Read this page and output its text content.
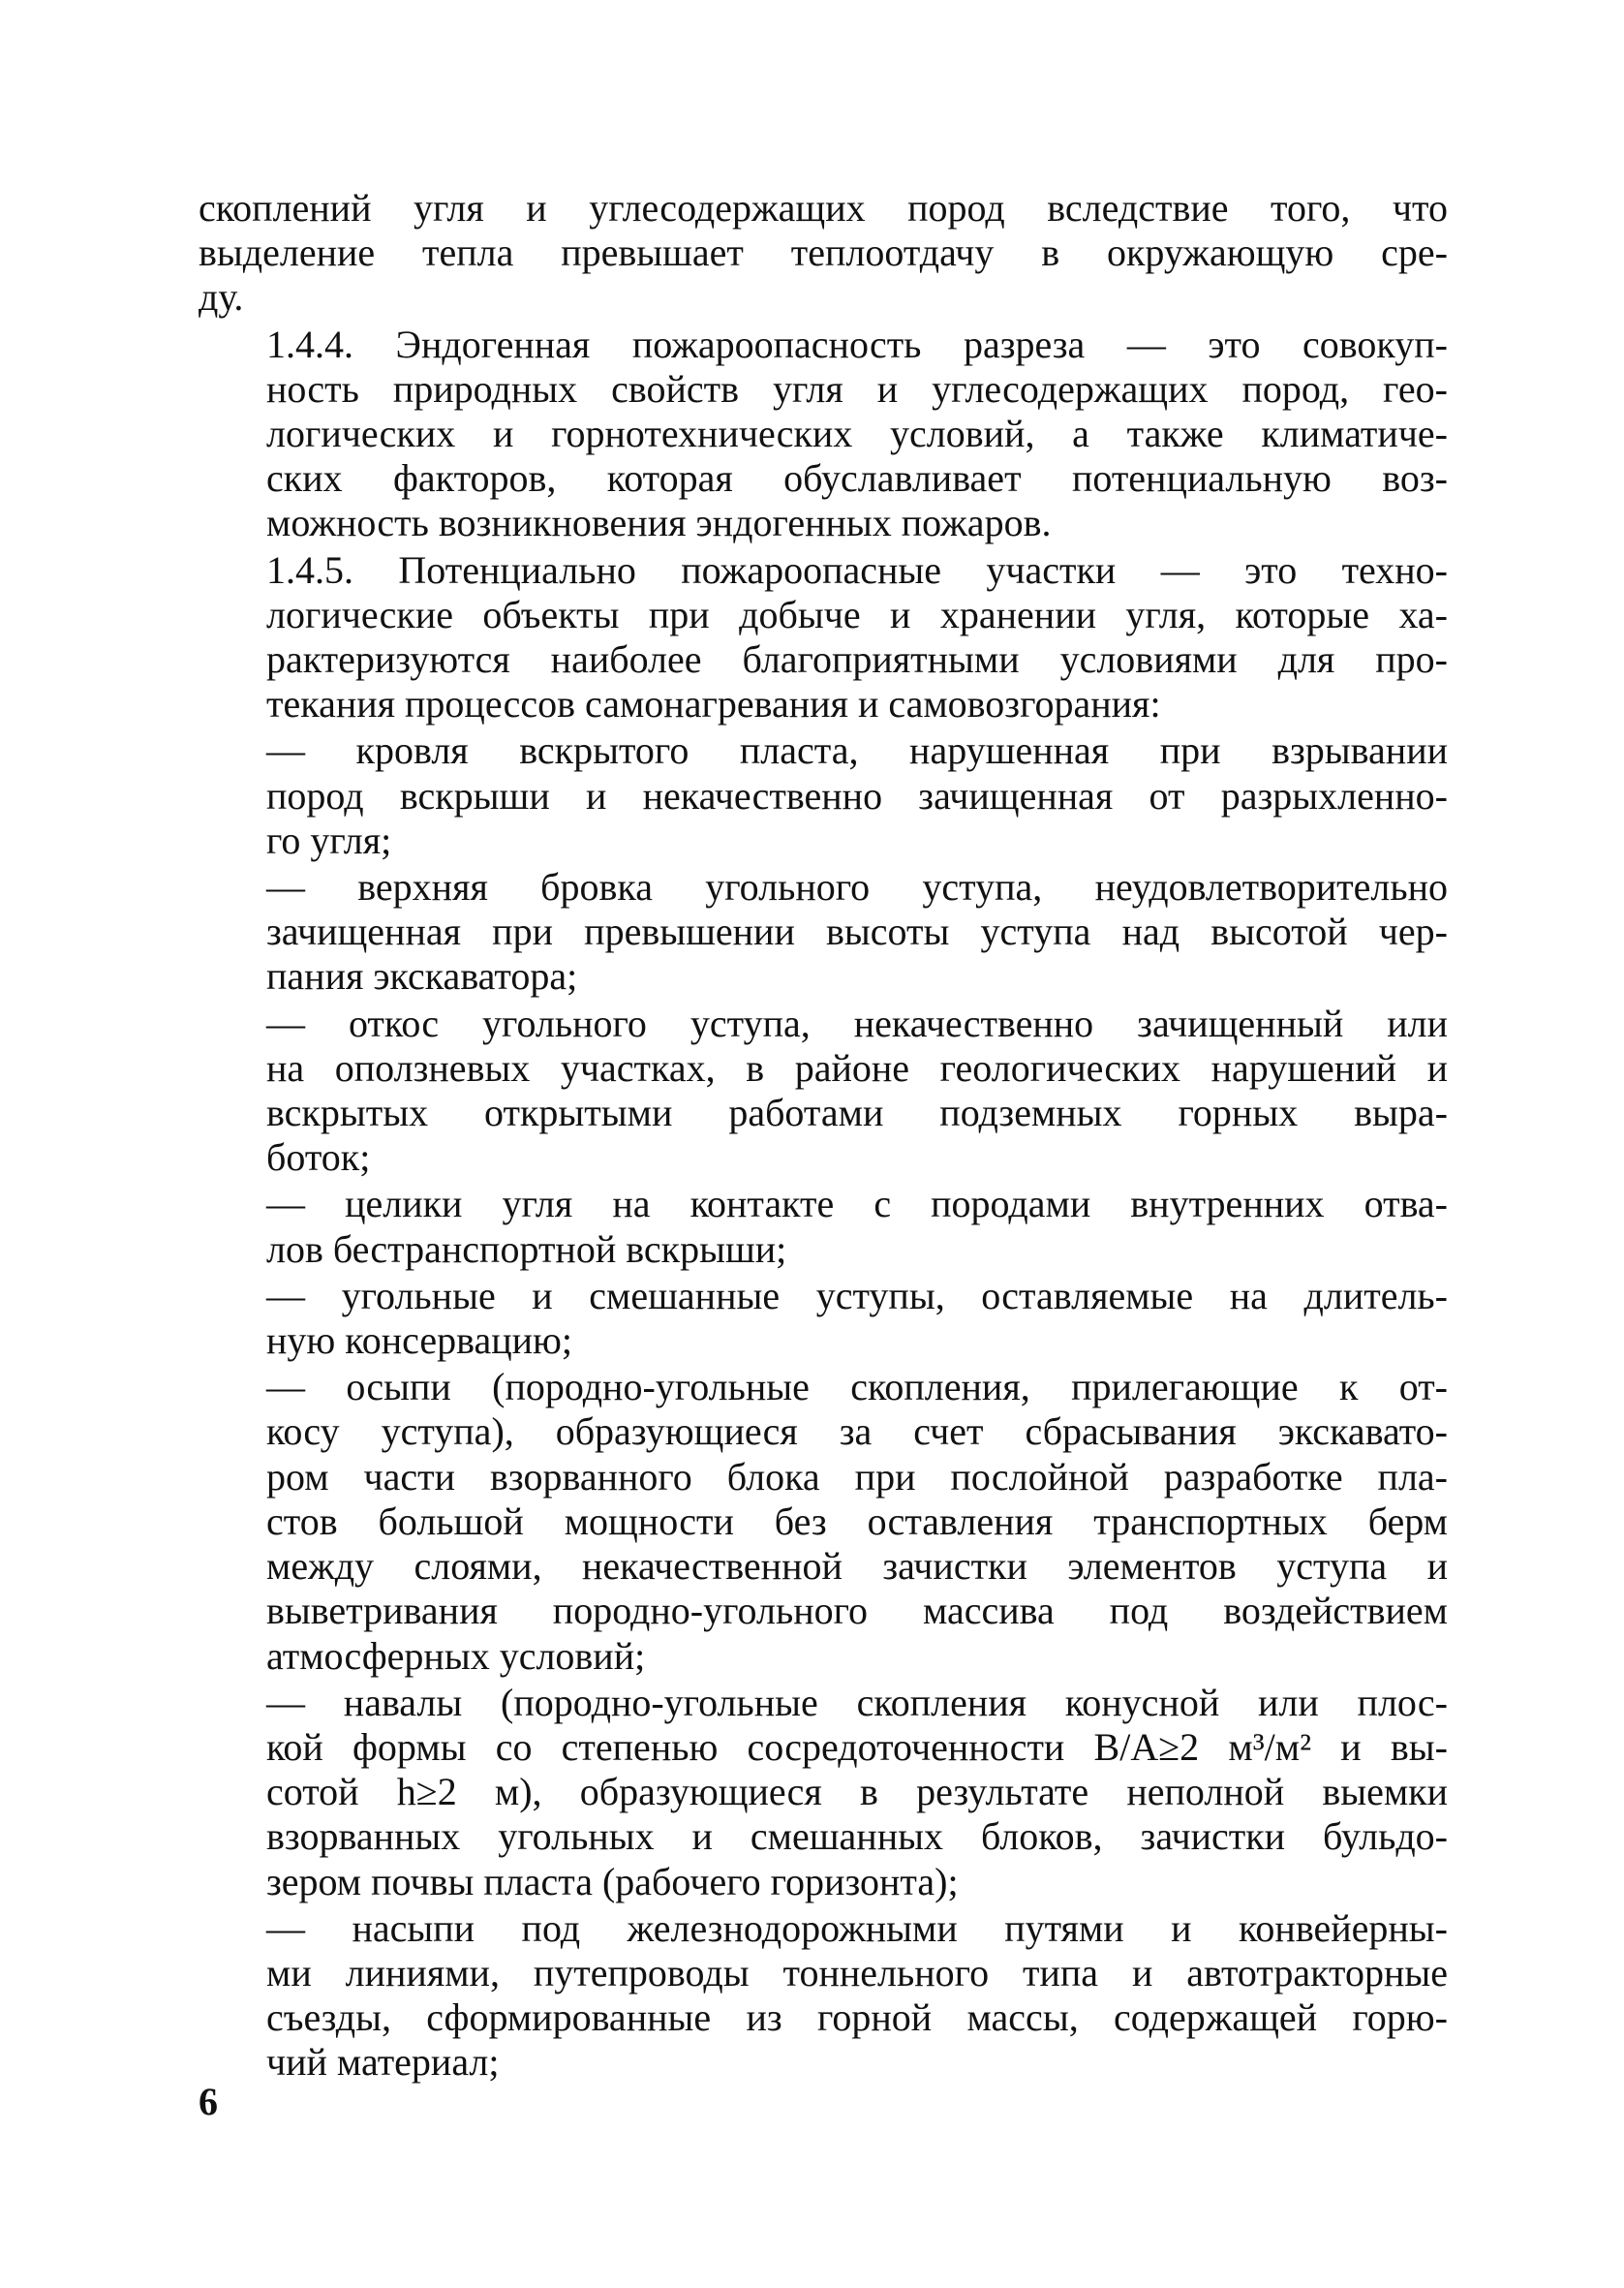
скоплений угля и углесодержащих пород вследствие того, что
выделение тепла превышает теплоотдачу в окружающую сре-
ду.

1.4.4. Эндогенная пожароопасность разреза — это совокуп-
ность природных свойств угля и углесодержащих пород, гео-
логических и горнотехнических условий, а также климатиче-
ских факторов, которая обуславливает потенциальную воз-
можность возникновения эндогенных пожаров.

1.4.5. Потенциально пожароопасные участки — это техно-
логические объекты при добыче и хранении угля, которые ха-
рактеризуются наиболее благоприятными условиями для про-
текания процессов самонагревания и самовозгорания:

— кровля вскрытого пласта, нарушенная при взрывании
пород вскрыши и некачественно зачищенная от разрыхленно-
го угля;

— верхняя бровка угольного уступа, неудовлетворительно
зачищенная при превышении высоты уступа над высотой чер-
пания экскаватора;

— откос угольного уступа, некачественно зачищенный или
на оползневых участках, в районе геологических нарушений и
вскрытых открытыми работами подземных горных выра-
боток;

— целики угля на контакте с породами внутренних отва-
лов бестранспортной вскрыши;

— угольные и смешанные уступы, оставляемые на длитель-
ную консервацию;

— осыпи (породно-угольные скопления, прилегающие к от-
косу уступа), образующиеся за счет сбрасывания экскавато-
ром части взорванного блока при послойной разработке пла-
стов большой мощности без оставления транспортных берм
между слоями, некачественной зачистки элементов уступа и
выветривания породно-угольного массива под воздействием
атмосферных условий;

— навалы (породно-угольные скопления конусной или плос-
кой формы со степенью сосредоточенности В/А≥2 м³/м² и вы-
сотой h≥2 м), образующиеся в результате неполной выемки
взорванных угольных и смешанных блоков, зачистки бульдо-
зером почвы пласта (рабочего горизонта);

— насыпи под железнодорожными путями и конвейерны-
ми линиями, путепроводы тоннельного типа и автотракторные
съезды, сформированные из горной массы, содержащей горю-
чий материал;

6
